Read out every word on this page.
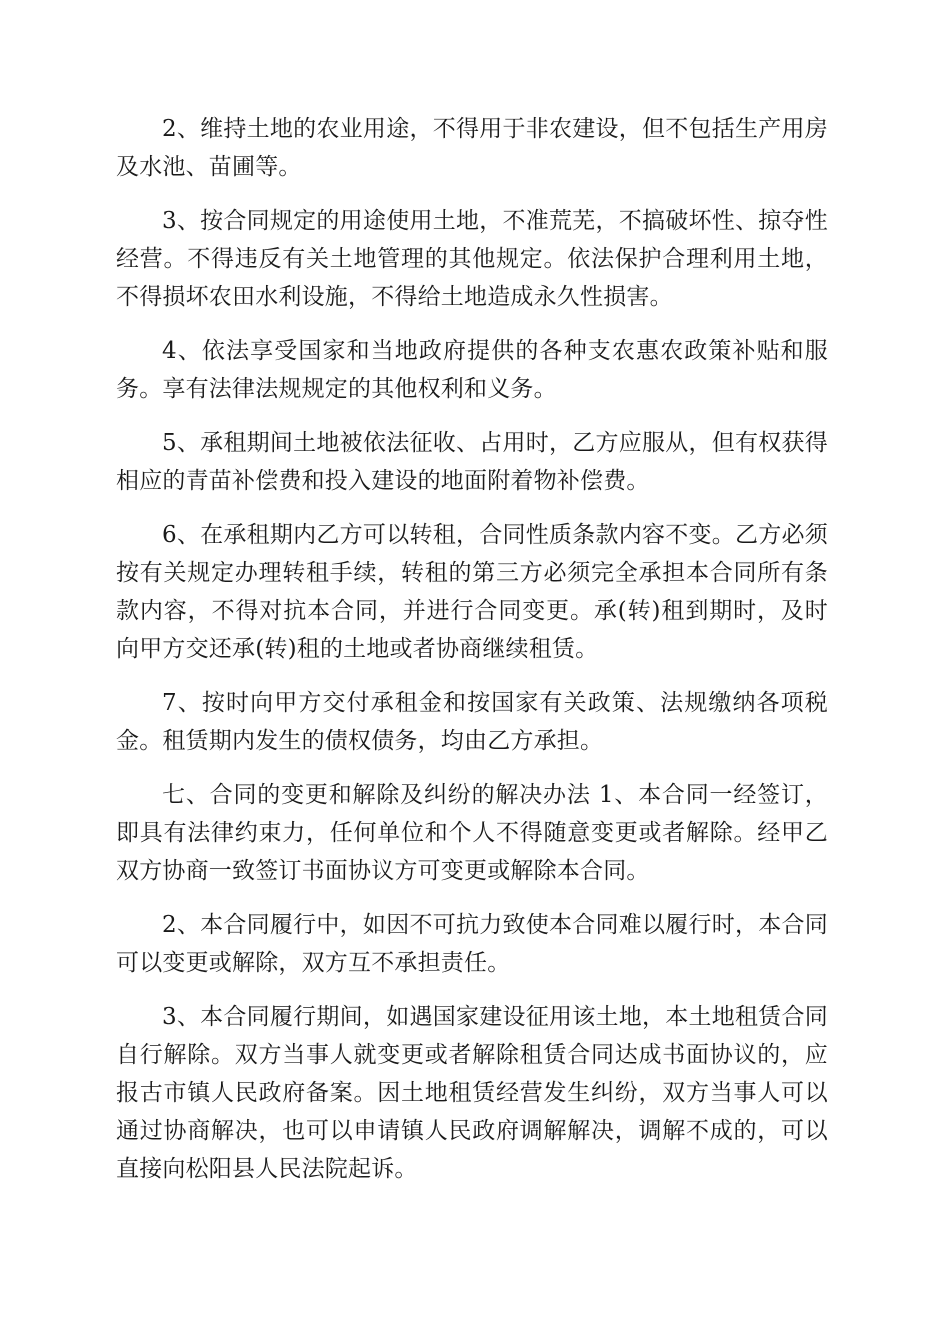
2、维持土地的农业用途，不得用于非农建设，但不包括生产用房及水池、苗圃等。

3、按合同规定的用途使用土地，不准荒芜，不搞破坏性、掠夺性经营。不得违反有关土地管理的其他规定。依法保护合理利用土地，不得损坏农田水利设施，不得给土地造成永久性损害。

4、依法享受国家和当地政府提供的各种支农惠农政策补贴和服务。享有法律法规规定的其他权利和义务。

5、承租期间土地被依法征收、占用时，乙方应服从，但有权获得相应的青苗补偿费和投入建设的地面附着物补偿费。

6、在承租期内乙方可以转租，合同性质条款内容不变。乙方必须按有关规定办理转租手续，转租的第三方必须完全承担本合同所有条款内容，不得对抗本合同，并进行合同变更。承(转)租到期时，及时向甲方交还承(转)租的土地或者协商继续租赁。

7、按时向甲方交付承租金和按国家有关政策、法规缴纳各项税金。租赁期内发生的债权债务，均由乙方承担。

七、合同的变更和解除及纠纷的解决办法 1、本合同一经签订，即具有法律约束力，任何单位和个人不得随意变更或者解除。经甲乙双方协商一致签订书面协议方可变更或解除本合同。

2、本合同履行中，如因不可抗力致使本合同难以履行时，本合同可以变更或解除，双方互不承担责任。

3、本合同履行期间，如遇国家建设征用该土地，本土地租赁合同自行解除。双方当事人就变更或者解除租赁合同达成书面协议的，应报古市镇人民政府备案。因土地租赁经营发生纠纷，双方当事人可以通过协商解决，也可以申请镇人民政府调解解决，调解不成的，可以直接向松阳县人民法院起诉。
